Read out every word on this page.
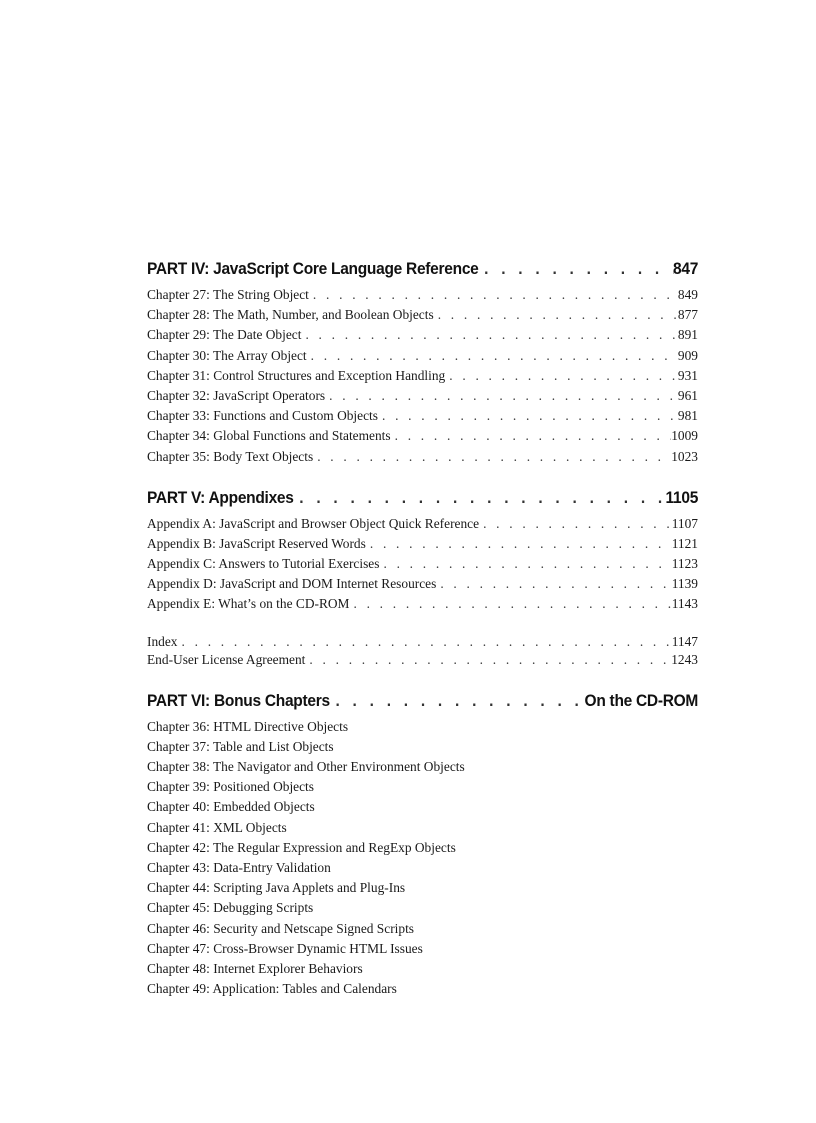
PART IV: JavaScript Core Language Reference . . .	847
Chapter 27: The String Object . . .	849
Chapter 28: The Math, Number, and Boolean Objects . . .	877
Chapter 29: The Date Object . . .	891
Chapter 30: The Array Object . . .	909
Chapter 31: Control Structures and Exception Handling . . .	931
Chapter 32: JavaScript Operators . . .	961
Chapter 33: Functions and Custom Objects . . .	981
Chapter 34: Global Functions and Statements . . .	1009
Chapter 35: Body Text Objects . . .	1023
PART V: Appendixes . . .	1105
Appendix A: JavaScript and Browser Object Quick Reference . . .	1107
Appendix B: JavaScript Reserved Words . . .	1121
Appendix C: Answers to Tutorial Exercises . . .	1123
Appendix D: JavaScript and DOM Internet Resources . . .	1139
Appendix E: What’s on the CD-ROM . . .	1143
Index . . .	1147
End-User License Agreement . . .	1243
PART VI: Bonus Chapters . . .	On the CD-ROM
Chapter 36: HTML Directive Objects
Chapter 37: Table and List Objects
Chapter 38: The Navigator and Other Environment Objects
Chapter 39: Positioned Objects
Chapter 40: Embedded Objects
Chapter 41: XML Objects
Chapter 42: The Regular Expression and RegExp Objects
Chapter 43: Data-Entry Validation
Chapter 44: Scripting Java Applets and Plug-Ins
Chapter 45: Debugging Scripts
Chapter 46: Security and Netscape Signed Scripts
Chapter 47: Cross-Browser Dynamic HTML Issues
Chapter 48: Internet Explorer Behaviors
Chapter 49: Application: Tables and Calendars
